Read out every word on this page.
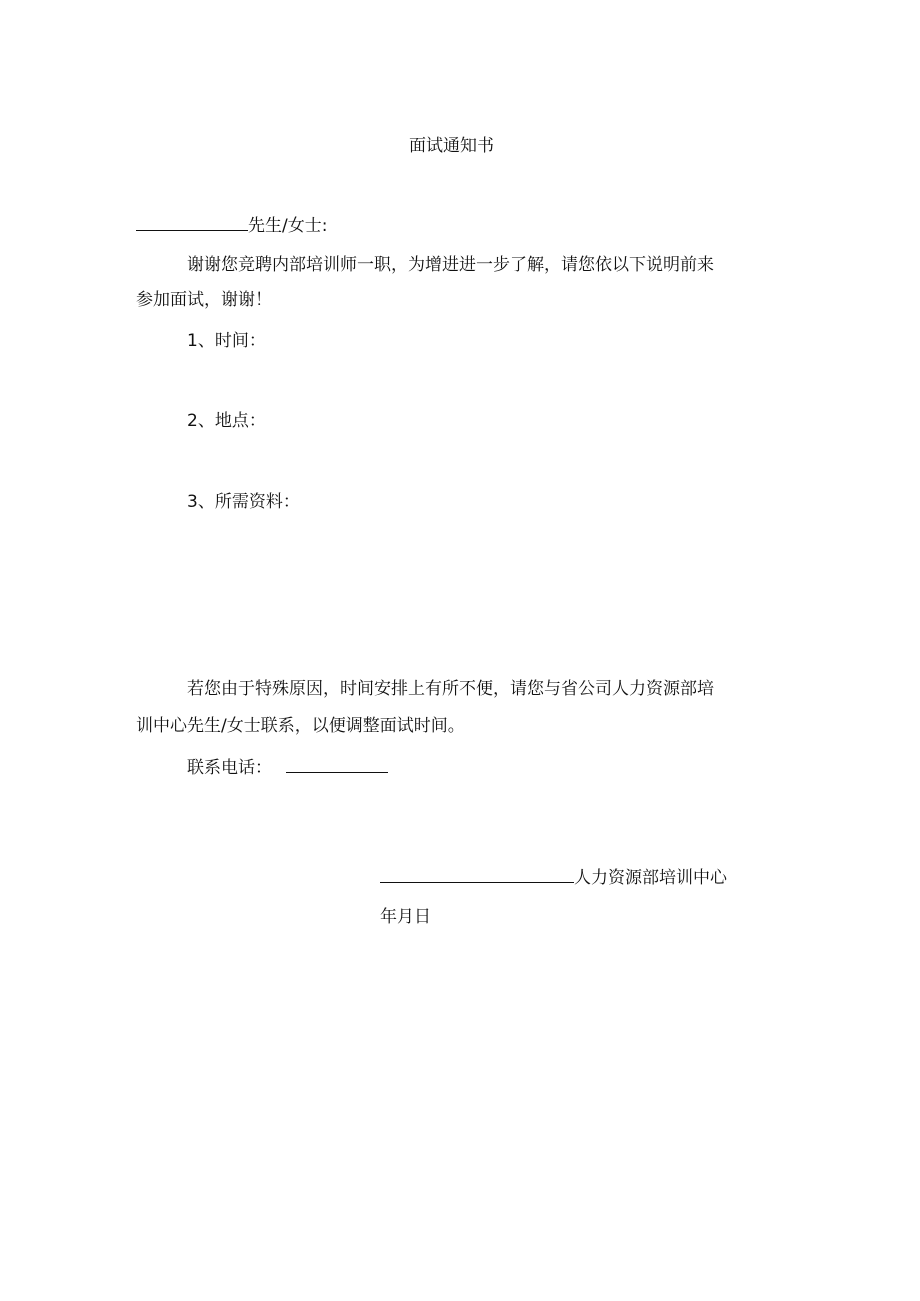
面试通知书
先生/女士:
谢谢您竞聘内部培训师一职，为增进进一步了解，请您依以下说明前来
参加面试，谢谢！
1、时间：
2、地点：
3、所需资料：
若您由于特殊原因，时间安排上有所不便，请您与省公司人力资源部培
训中心先生/女士联系，以便调整面试时间。
联系电话：
人力资源部培训中心
年月日
